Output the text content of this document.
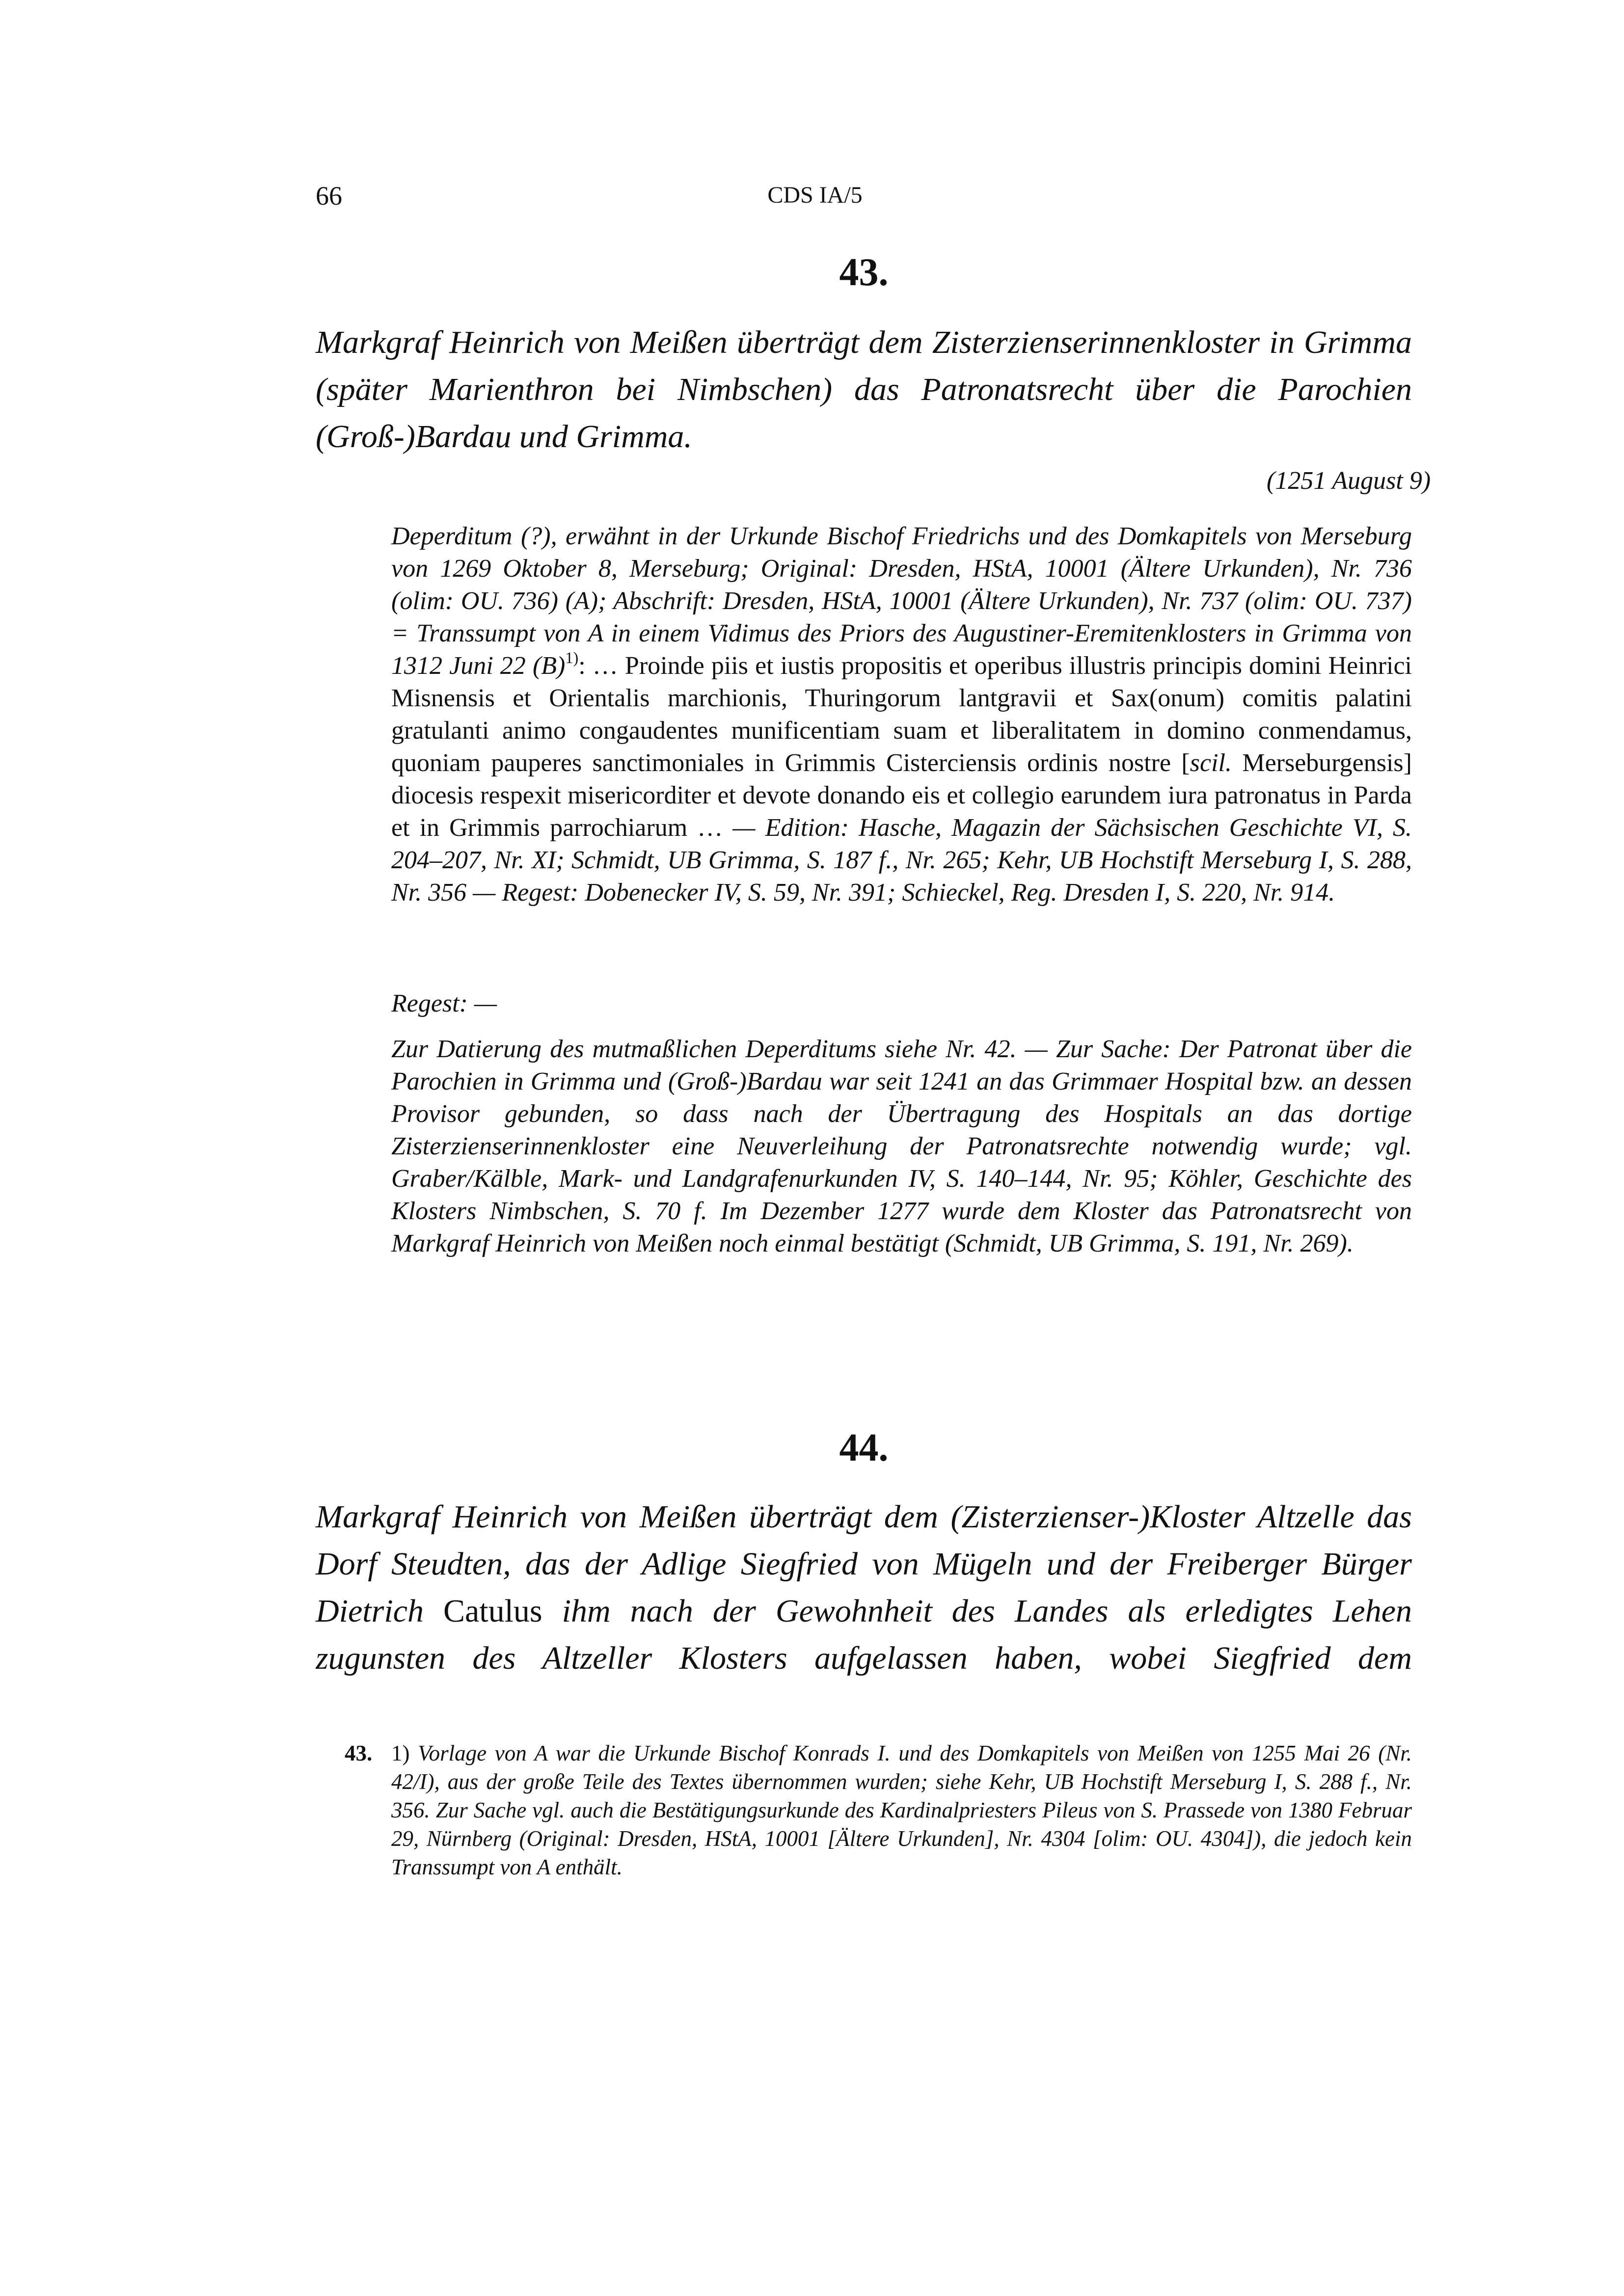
66	CDS IA/5
43.
Markgraf Heinrich von Meißen überträgt dem Zisterzienserinnenkloster in Grimma (später Marienthron bei Nimbschen) das Patronatsrecht über die Parochien (Groß-)Bardau und Grimma.
(1251 August 9)
Deperditum (?), erwähnt in der Urkunde Bischof Friedrichs und des Domkapitels von Merseburg von 1269 Oktober 8, Merseburg; Original: Dresden, HStA, 10001 (Ältere Urkunden), Nr. 736 (olim: OU. 736) (A); Abschrift: Dresden, HStA, 10001 (Ältere Urkunden), Nr. 737 (olim: OU. 737) = Transsumpt von A in einem Vidimus des Priors des Augustiner-Eremitenklosters in Grimma von 1312 Juni 22 $(B)^{1)}$: … Proinde piis et iustis propositis et operibus illustris principis domini Heinrici Misnensis et Orientalis marchionis, Thuringorum lantgravii et Sax(onum) comitis palatini gratulanti animo congaudentes munificentiam suam et liberalitatem in domino conmendamus, quoniam pauperes sanctimoniales in Grimmis Cisterciensis ordinis nostre [scil. Merseburgensis] diocesis respexit misericorditer et devote donando eis et collegio earundem iura patronatus in Parda et in Grimmis parrochiarum … — Edition: Hasche, Magazin der Sächsischen Geschichte VI, S. 204–207, Nr. XI; Schmidt, UB Grimma, S. 187 f., Nr. 265; Kehr, UB Hochstift Merseburg I, S. 288, Nr. 356 — Regest: Dobenecker IV, S. 59, Nr. 391; Schieckel, Reg. Dresden I, S. 220, Nr. 914.
Regest: —
Zur Datierung des mutmaßlichen Deperditums siehe Nr. 42. — Zur Sache: Der Patronat über die Parochien in Grimma und (Groß-)Bardau war seit 1241 an das Grimmaer Hospital bzw. an dessen Provisor gebunden, so dass nach der Übertragung des Hospitals an das dortige Zisterzienserinnenkloster eine Neuverleihung der Patronatsrechte notwendig wurde; vgl. Graber/Kälble, Mark- und Landgrafenurkunden IV, S. 140–144, Nr. 95; Köhler, Geschichte des Klosters Nimbschen, S. 70 f. Im Dezember 1277 wurde dem Kloster das Patronatsrecht von Markgraf Heinrich von Meißen noch einmal bestätigt (Schmidt, UB Grimma, S. 191, Nr. 269).
44.
Markgraf Heinrich von Meißen überträgt dem (Zisterzienser-)Kloster Altzelle das Dorf Steudten, das der Adlige Siegfried von Mügeln und der Freiberger Bürger Dietrich Catulus ihm nach der Gewohnheit des Landes als erledigtes Lehen zugunsten des Altzeller Klosters aufgelassen haben, wobei Siegfried dem
43. 1) Vorlage von A war die Urkunde Bischof Konrads I. und des Domkapitels von Meißen von 1255 Mai 26 (Nr. 42/I), aus der große Teile des Textes übernommen wurden; siehe Kehr, UB Hochstift Merseburg I, S. 288 f., Nr. 356. Zur Sache vgl. auch die Bestätigungsurkunde des Kardinalpriesters Pileus von S. Prassede von 1380 Februar 29, Nürnberg (Original: Dresden, HStA, 10001 [Ältere Urkunden], Nr. 4304 [olim: OU. 4304]), die jedoch kein Transsumpt von A enthält.
